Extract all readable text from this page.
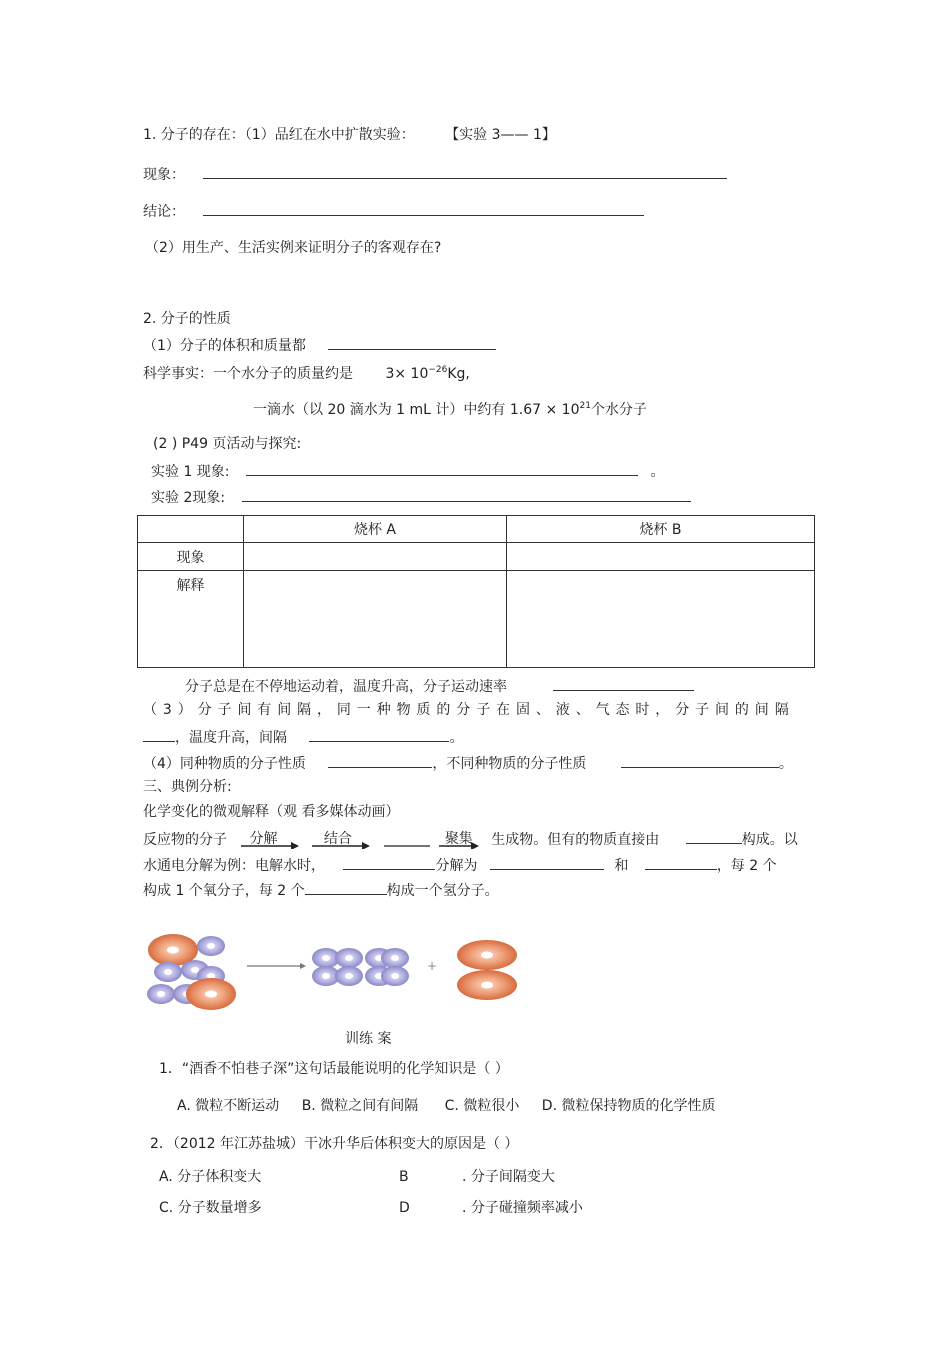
1. 分子的存在：（1）品红在水中扩散实验： 【实验 3—— 1】
现象：
结论：
（2）用生产、生活实例来证明分子的客观存在?
2. 分子的性质
（1）分子的体积和质量都
科学事实：一个水分子的质量约是 $3\times 10^{-26}Kg$,
一滴水（以 20 滴水为 1 mL 计）中约有 $1.67 \times 10^{21}$个水分子
(2 ) P49 页活动与探究:
实验 1 现象:	。
实验 2现象:
	烧杯 A	烧杯 B
现象		
解释		
分子总是在不停地运动着，温度升高，分子运动速率
（3）分子间有间隔，同一种物质的分子在固、液、气态时，分子间的间隔
，温度升高，间隔	。
（4）同种物质的分子性质	，不同种物质的分子性质	。
三、典例分析:
化学变化的微观解释（观 看多媒体动画）
反应物的分子 分解
	结合
	聚集 生成物。但有的物质直接由	构成。以
水通电分解为例：电解水时，	分解为	和	，每 2 个
构成 1 个氧分子，每 2 个	构成一个氢分子。
+
训练 案
1．“酒香不怕巷子深”这句话最能说明的化学知识是（ ）
A. 微粒不断运动 B. 微粒之间有间隔 C. 微粒很小 D. 微粒保持物质的化学性质
2．（2012 年江苏盐城）干冰升华后体积变大的原因是（ ）
A. 分子体积变大	B	. 分子间隔变大
C. 分子数量增多	D	. 分子碰撞频率减小
